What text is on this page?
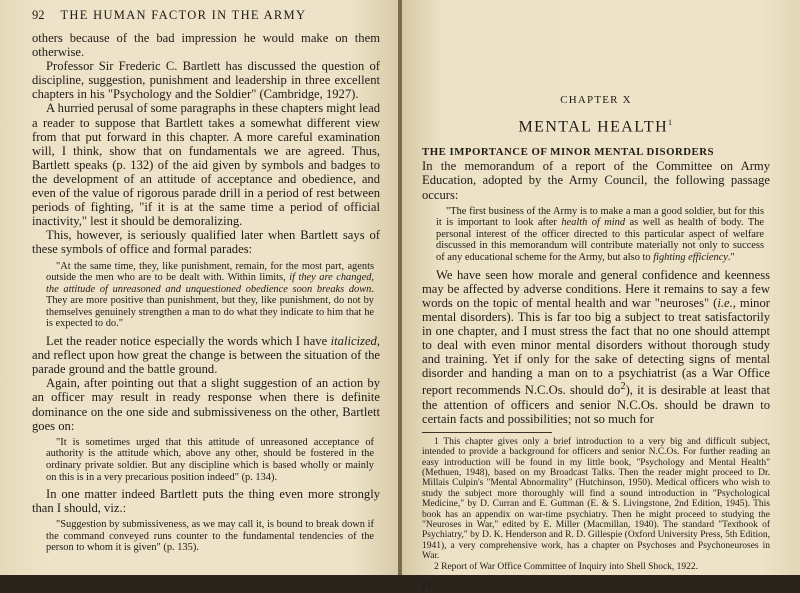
92 THE HUMAN FACTOR IN THE ARMY

others because of the bad impression he would make on them otherwise.

Professor Sir Frederic C. Bartlett has discussed the question of discipline, suggestion, punishment and leadership in three excellent chapters in his "Psychology and the Soldier" (Cambridge, 1927).

A hurried perusal of some paragraphs in these chapters might lead a reader to suppose that Bartlett takes a somewhat different view from that put forward in this chapter. A more careful examination will, I think, show that on fundamentals we are agreed. Thus, Bartlett speaks (p. 132) of the aid given by symbols and badges to the development of an attitude of acceptance and obedience, and even of the value of rigorous parade drill in a period of rest between periods of fighting, "if it is at the same time a period of official inactivity," lest it should be demoralizing.

This, however, is seriously qualified later when Bartlett says of these symbols of office and formal parades:

"At the same time, they, like punishment, remain, for the most part, agents outside the men who are to be dealt with. Within limits, if they are changed, the attitude of unreasoned and unquestioned obedience soon breaks down. They are more positive than punishment, but they, like punishment, do not by themselves genuinely strengthen a man to do what they indicate to him that he is expected to do."

Let the reader notice especially the words which I have italicized, and reflect upon how great the change is between the situation of the parade ground and the battle ground.

Again, after pointing out that a slight suggestion of an action by an officer may result in ready response when there is definite dominance on the one side and submissiveness on the other, Bartlett goes on:

"It is sometimes urged that this attitude of unreasoned acceptance of authority is the attitude which, above any other, should be fostered in the ordinary private soldier. But any discipline which is based wholly or mainly on this is in a very precarious position indeed" (p. 134).

In one matter indeed Bartlett puts the thing even more strongly than I should, viz.:

"Suggestion by submissiveness, as we may call it, is bound to break down if the command conveyed runs counter to the fundamental tendencies of the person to whom it is given" (p. 135).

CHAPTER X
MENTAL HEALTH$^1$
THE IMPORTANCE OF MINOR MENTAL DISORDERS

In the memorandum of a report of the Committee on Army Education, adopted by the Army Council, the following passage occurs:

"The first business of the Army is to make a man a good soldier, but for this it is important to look after health of mind as well as health of body. The personal interest of the officer directed to this particular aspect of welfare discussed in this memorandum will contribute materially not only to success of any educational scheme for the Army, but also to fighting efficiency."

We have seen how morale and general confidence and keenness may be affected by adverse conditions. Here it remains to say a few words on the topic of mental health and war "neuroses" (i.e., minor mental disorders). This is far too big a subject to treat satisfactorily in one chapter, and I must stress the fact that no one should attempt to deal with even minor mental disorders without thorough study and training. Yet if only for the sake of detecting signs of mental disorder and handing a man on to a psychiatrist (as a War Office report recommends N.C.Os. should $do^2$), it is desirable at least that the attention of officers and senior N.C.Os. should be drawn to certain facts and possibilities; not so much for

1 This chapter gives only a brief introduction to a very big and difficult subject, intended to provide a background for officers and senior N.C.Os. For further reading an easy introduction will be found in my little book, "Psychology and Mental Health" (Methuen, 1948), based on my Broadcast Talks. Then the reader might proceed to Dr. Millais Culpin's "Mental Abnormality" (Hutchinson, 1950). Medical officers who wish to study the subject more thoroughly will find a sound introduction in "Psychological Medicine," by D. Curran and E. Guttman (E. & S. Livingstone, 2nd Edition, 1945). This book has an appendix on war-time psychiatry. Then he might proceed to studying the "Neuroses in War," edited by E. Miller (Macmillan, 1940). The standard "Textbook of Psychiatry," by D. K. Henderson and R. D. Gillespie (Oxford University Press, 5th Edition, 1941), a very comprehensive work, has a chapter on Psychoses and Psychoneuroses in War.

2 Report of War Office Committee of Inquiry into Shell Shock, 1922.

H
